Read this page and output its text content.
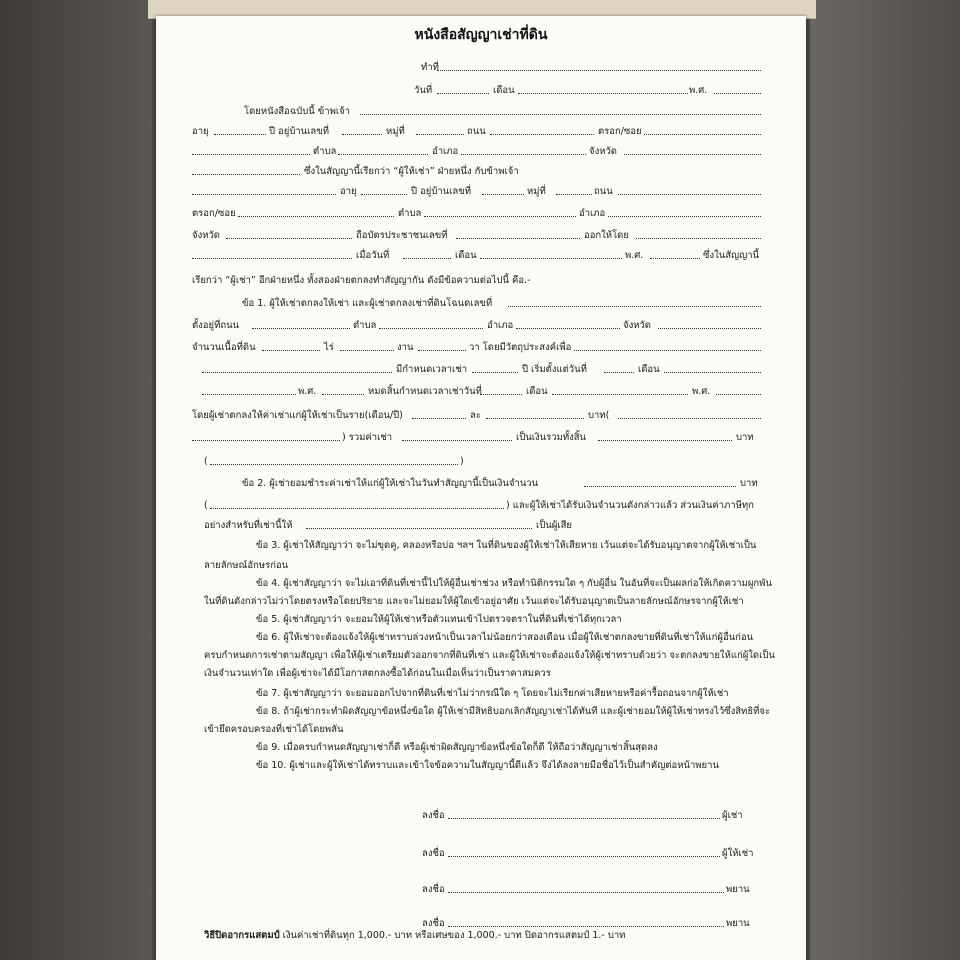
หนังสือสัญญาเช่าที่ดิน
ทำที่
วันที่	เดือน	พ.ศ.
โดยหนังสือฉบับนี้ ข้าพเจ้า
อายุ	ปี อยู่บ้านเลขที่	หมู่ที่	ถนน	ตรอก/ซอย
ตำบล	อำเภอ	จังหวัด
ซึ่งในสัญญานี้เรียกว่า “ผู้ให้เช่า” ฝ่ายหนึ่ง กับข้าพเจ้า
อายุ	ปี อยู่บ้านเลขที่	หมู่ที่	ถนน
ตรอก/ซอย	ตำบล	อำเภอ
จังหวัด	ถือบัตรประชาชนเลขที่	ออกให้โดย
เมื่อวันที่	เดือน	พ.ศ.	ซึ่งในสัญญานี้
เรียกว่า “ผู้เช่า” อีกฝ่ายหนึ่ง ทั้งสองฝ่ายตกลงทำสัญญากัน ดังมีข้อความต่อไปนี้ คือ.-
ข้อ 1. ผู้ให้เช่าตกลงให้เช่า และผู้เช่าตกลงเช่าที่ดินโฉนดเลขที่
ตั้งอยู่ที่ถนน	ตำบล	อำเภอ	จังหวัด
จำนวนเนื้อที่ดิน	ไร่	งาน	วา โดยมีวัตถุประสงค์เพื่อ
มีกำหนดเวลาเช่า	ปี เริ่มตั้งแต่วันที่	เดือน
พ.ศ.	หมดสิ้นกำหนดเวลาเช่าวันที่	เดือน	พ.ศ.
โดยผู้เช่าตกลงให้ค่าเช่าแก่ผู้ให้เช่าเป็นราย(เดือน/ปี)	ละ	บาท(
) รวมค่าเช่า	เป็นเงินรวมทั้งสิ้น	บาท
(	)
ข้อ 2. ผู้เช่ายอมชำระค่าเช่าให้แก่ผู้ให้เช่าในวันทำสัญญานี้เป็นเงินจำนวน	บาท
(	) และผู้ให้เช่าได้รับเงินจำนวนดังกล่าวแล้ว ส่วนเงินค่าภาษีทุก
อย่างสำหรับที่เช่านี้ให้	เป็นผู้เสีย
ข้อ 3. ผู้เช่าให้สัญญาว่า จะไม่ขุดคู, คลองหรือบ่อ ฯลฯ ในที่ดินของผู้ให้เช่าให้เสียหาย เว้นแต่จะได้รับอนุญาตจากผู้ให้เช่าเป็น
ลายลักษณ์อักษรก่อน
ข้อ 4. ผู้เช่าสัญญาว่า จะไม่เอาที่ดินที่เช่านี้ไปให้ผู้อื่นเช่าช่วง หรือทำนิติกรรมใด ๆ กับผู้อื่น ในอันที่จะเป็นผลก่อให้เกิดความผูกพัน
ในที่ดินดังกล่าวไม่ว่าโดยตรงหรือโดยปริยาย และจะไม่ยอมให้ผู้ใดเข้าอยู่อาศัย เว้นแต่จะได้รับอนุญาตเป็นลายลักษณ์อักษรจากผู้ให้เช่า
ข้อ 5. ผู้เช่าสัญญาว่า จะยอมให้ผู้ให้เช่าหรือตัวแทนเข้าไปตรวจตราในที่ดินที่เช่าได้ทุกเวลา
ข้อ 6. ผู้ให้เช่าจะต้องแจ้งให้ผู้เช่าทราบล่วงหน้าเป็นเวลาไม่น้อยกว่าสองเดือน เมื่อผู้ให้เช่าตกลงขายที่ดินที่เช่าให้แก่ผู้อื่นก่อน
ครบกำหนดการเช่าตามสัญญา เพื่อให้ผู้เช่าเตรียมตัวออกจากที่ดินที่เช่า และผู้ให้เช่าจะต้องแจ้งให้ผู้เช่าทราบด้วยว่า จะตกลงขายให้แก่ผู้ใดเป็น
เงินจำนวนเท่าใด เพื่อผู้เช่าจะได้มีโอกาสตกลงซื้อได้ก่อนในเมื่อเห็นว่าเป็นราคาสมควร
ข้อ 7. ผู้เช่าสัญญาว่า จะยอมออกไปจากที่ดินที่เช่าไม่ว่ากรณีใด ๆ โดยจะไม่เรียกค่าเสียหายหรือค่ารื้อถอนจากผู้ให้เช่า
ข้อ 8. ถ้าผู้เช่ากระทำผิดสัญญาข้อหนึ่งข้อใด ผู้ให้เช่ามีสิทธิบอกเลิกสัญญาเช่าได้ทันที และผู้เช่ายอมให้ผู้ให้เช่าทรงไว้ซึ่งสิทธิที่จะ
เข้ายึดครอบครองที่เช่าได้โดยพลัน
ข้อ 9. เมื่อครบกำหนดสัญญาเช่าก็ดี หรือผู้เช่าผิดสัญญาข้อหนึ่งข้อใดก็ดี ให้ถือว่าสัญญาเช่าสิ้นสุดลง
ข้อ 10. ผู้เช่าและผู้ให้เช่าได้ทราบและเข้าใจข้อความในสัญญานี้ดีแล้ว จึงได้ลงลายมือชื่อไว้เป็นสำคัญต่อหน้าพยาน
ลงชื่อ	ผู้เช่า
ลงชื่อ	ผู้ให้เช่า
ลงชื่อ	พยาน
ลงชื่อ	พยาน
วิธีปิดอากรแสตมป์ เงินค่าเช่าที่ดินทุก 1,000.- บาท หรือเศษของ 1,000.- บาท ปิดอากรแสตมป์ 1.- บาท
